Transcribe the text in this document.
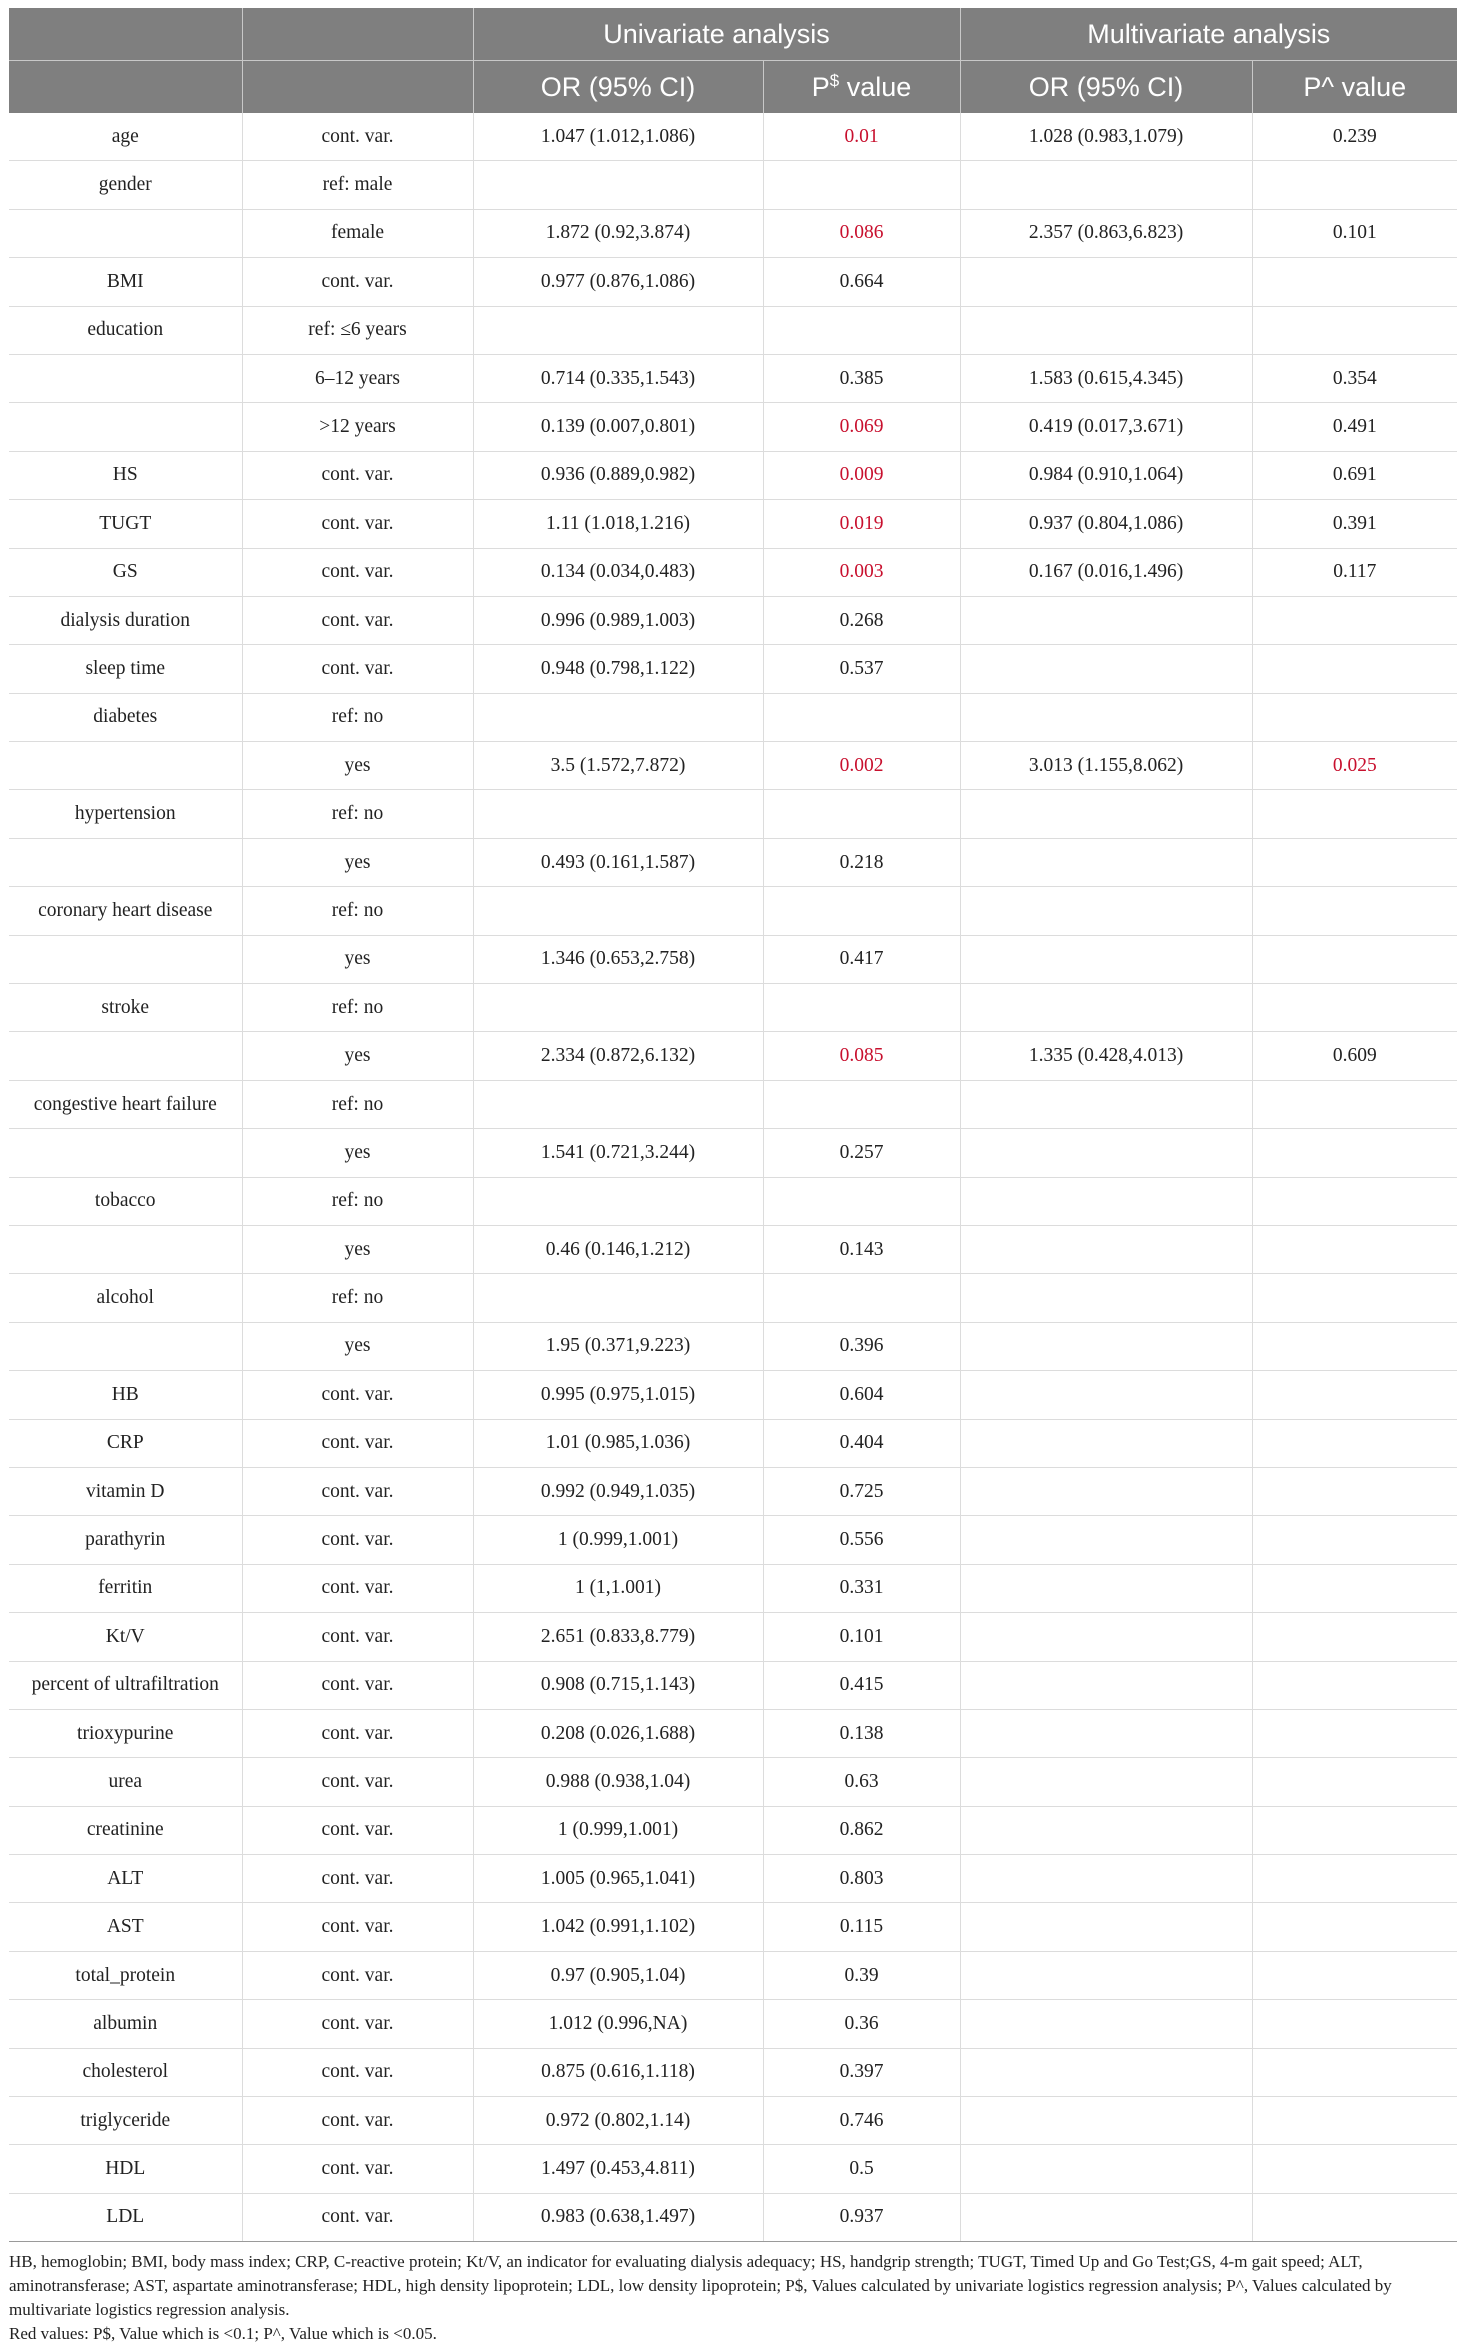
		Univariate analysis		Multivariate analysis	
		OR (95% CI)	P$ value	OR (95% CI)	P^ value
age	cont. var.	1.047 (1.012,1.086)	0.01	1.028 (0.983,1.079)	0.239
gender	ref: male				
	female	1.872 (0.92,3.874)	0.086	2.357 (0.863,6.823)	0.101
BMI	cont. var.	0.977 (0.876,1.086)	0.664		
education	ref: ≤6 years				
	6–12 years	0.714 (0.335,1.543)	0.385	1.583 (0.615,4.345)	0.354
	>12 years	0.139 (0.007,0.801)	0.069	0.419 (0.017,3.671)	0.491
HS	cont. var.	0.936 (0.889,0.982)	0.009	0.984 (0.910,1.064)	0.691
TUGT	cont. var.	1.11 (1.018,1.216)	0.019	0.937 (0.804,1.086)	0.391
GS	cont. var.	0.134 (0.034,0.483)	0.003	0.167 (0.016,1.496)	0.117
dialysis duration	cont. var.	0.996 (0.989,1.003)	0.268		
sleep time	cont. var.	0.948 (0.798,1.122)	0.537		
diabetes	ref: no				
	yes	3.5 (1.572,7.872)	0.002	3.013 (1.155,8.062)	0.025
hypertension	ref: no				
	yes	0.493 (0.161,1.587)	0.218		
coronary heart disease	ref: no				
	yes	1.346 (0.653,2.758)	0.417		
stroke	ref: no				
	yes	2.334 (0.872,6.132)	0.085	1.335 (0.428,4.013)	0.609
congestive heart failure	ref: no				
	yes	1.541 (0.721,3.244)	0.257		
tobacco	ref: no				
	yes	0.46 (0.146,1.212)	0.143		
alcohol	ref: no				
	yes	1.95 (0.371,9.223)	0.396		
HB	cont. var.	0.995 (0.975,1.015)	0.604		
CRP	cont. var.	1.01 (0.985,1.036)	0.404		
vitamin D	cont. var.	0.992 (0.949,1.035)	0.725		
parathyrin	cont. var.	1 (0.999,1.001)	0.556		
ferritin	cont. var.	1 (1,1.001)	0.331		
Kt/V	cont. var.	2.651 (0.833,8.779)	0.101		
percent of ultrafiltration	cont. var.	0.908 (0.715,1.143)	0.415		
trioxypurine	cont. var.	0.208 (0.026,1.688)	0.138		
urea	cont. var.	0.988 (0.938,1.04)	0.63		
creatinine	cont. var.	1 (0.999,1.001)	0.862		
ALT	cont. var.	1.005 (0.965,1.041)	0.803		
AST	cont. var.	1.042 (0.991,1.102)	0.115		
total_protein	cont. var.	0.97 (0.905,1.04)	0.39		
albumin	cont. var.	1.012 (0.996,NA)	0.36		
cholesterol	cont. var.	0.875 (0.616,1.118)	0.397		
triglyceride	cont. var.	0.972 (0.802,1.14)	0.746		
HDL	cont. var.	1.497 (0.453,4.811)	0.5		
LDL	cont. var.	0.983 (0.638,1.497)	0.937		

HB, hemoglobin; BMI, body mass index; CRP, C-reactive protein; Kt/V, an indicator for evaluating dialysis adequacy; HS, handgrip strength; TUGT, Timed Up and Go Test;GS, 4-m gait speed; ALT, aminotransferase; AST, aspartate aminotransferase; HDL, high density lipoprotein; LDL, low density lipoprotein; P$, Values calculated by univariate logistics regression analysis; P^, Values calculated by multivariate logistics regression analysis.

Red values: P$, Value which is <0.1; P^, Value which is <0.05.
